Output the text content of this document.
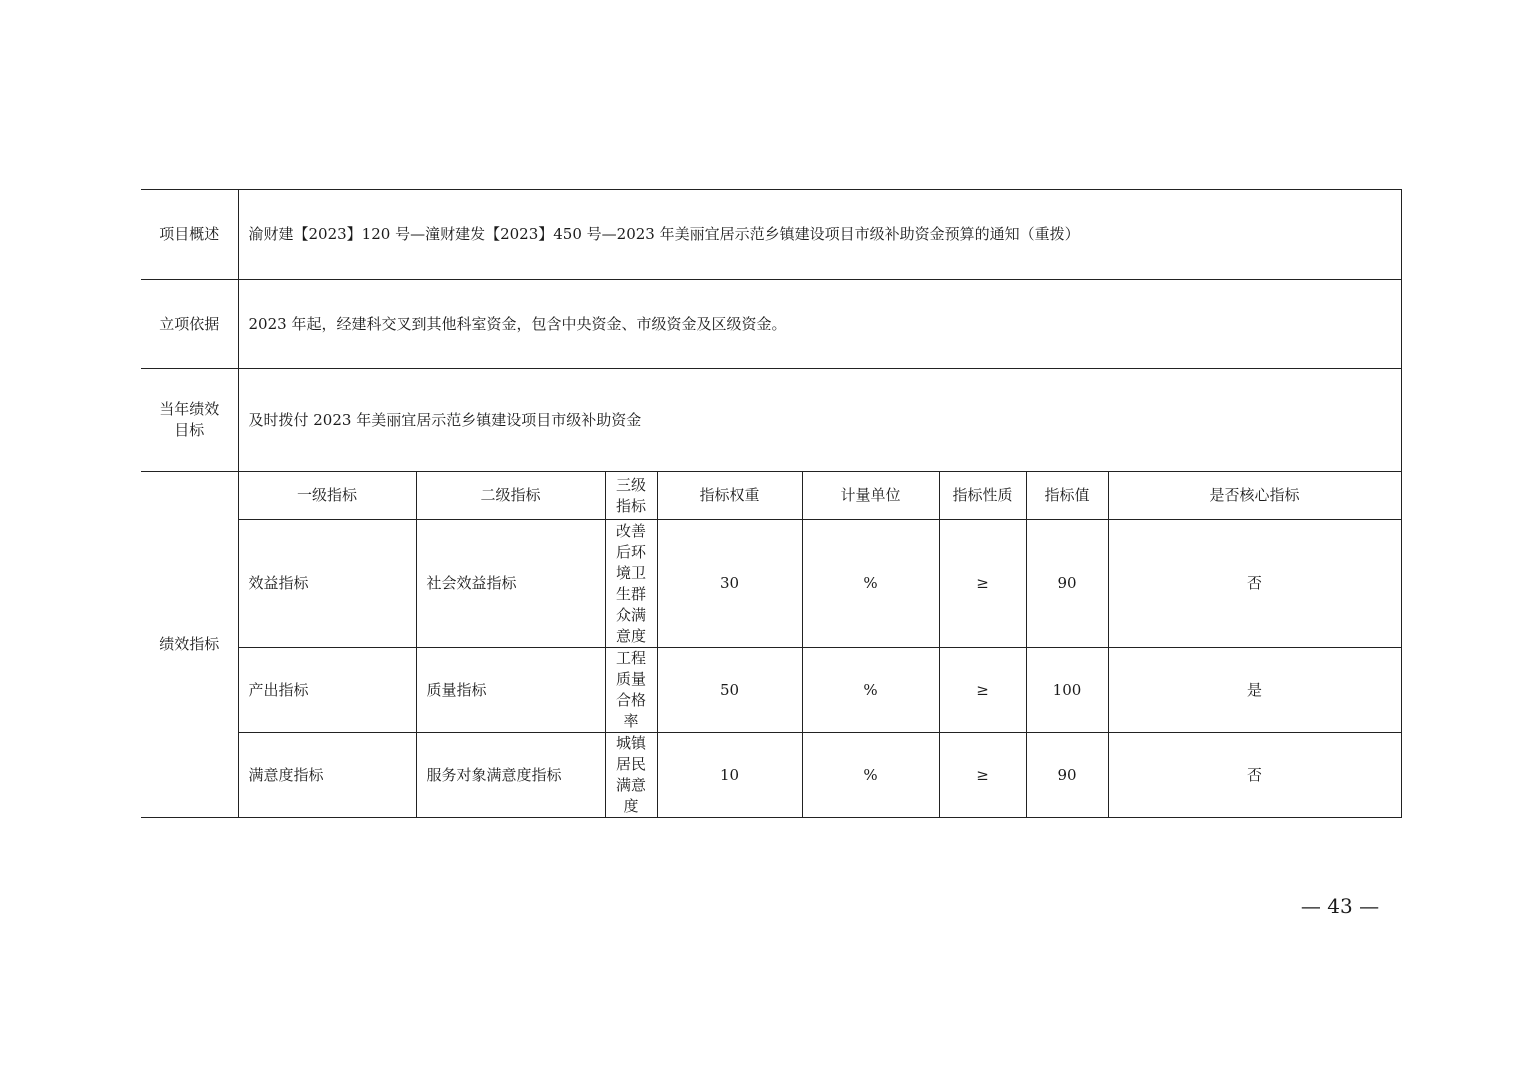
项目概述	渝财建【2023】120 号—潼财建发【2023】450 号—2023 年美丽宜居示范乡镇建设项目市级补助资金预算的通知（重拨）							
立项依据	2023 年起，经建科交叉到其他科室资金，包含中央资金、市级资金及区级资金。							
当年绩效目标	及时拨付 2023 年美丽宜居示范乡镇建设项目市级补助资金							
绩效指标	一级指标	二级指标	三级指标	指标权重	计量单位	指标性质	指标值	是否核心指标
	效益指标	社会效益指标	改善后环境卫生群众满意度	30	%	≥	90	否
	产出指标	质量指标	工程质量合格率	50	%	≥	100	是
	满意度指标	服务对象满意度指标	城镇居民满意度	10	%	≥	90	否
— 43 —
